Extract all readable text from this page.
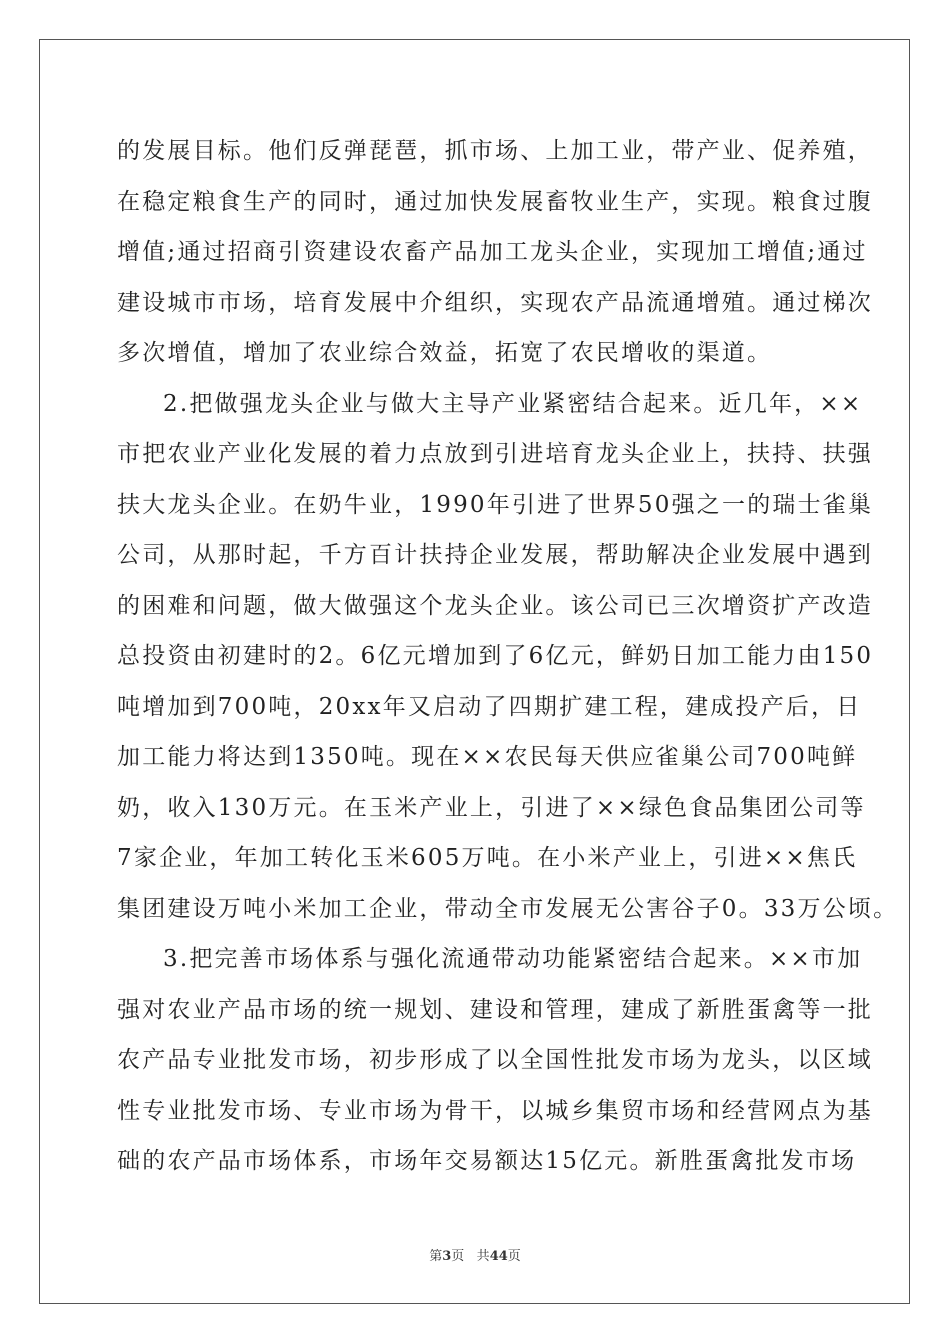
的发展目标。他们反弹琵琶，抓市场、上加工业，带产业、促养殖，
在稳定粮食生产的同时，通过加快发展畜牧业生产，实现。粮食过腹
增值;通过招商引资建设农畜产品加工龙头企业，实现加工增值;通过
建设城市市场，培育发展中介组织，实现农产品流通增殖。通过梯次
多次增值，增加了农业综合效益，拓宽了农民增收的渠道。
2.把做强龙头企业与做大主导产业紧密结合起来。近几年，××
市把农业产业化发展的着力点放到引进培育龙头企业上，扶持、扶强
扶大龙头企业。在奶牛业，1990年引进了世界50强之一的瑞士雀巢
公司，从那时起，千方百计扶持企业发展，帮助解决企业发展中遇到
的困难和问题，做大做强这个龙头企业。该公司已三次增资扩产改造
总投资由初建时的2。6亿元增加到了6亿元，鲜奶日加工能力由150
吨增加到700吨，20xx年又启动了四期扩建工程，建成投产后，日
加工能力将达到1350吨。现在××农民每天供应雀巢公司700吨鲜
奶，收入130万元。在玉米产业上，引进了××绿色食品集团公司等
7家企业，年加工转化玉米605万吨。在小米产业上，引进××焦氏
集团建设万吨小米加工企业，带动全市发展无公害谷子0。33万公顷。
3.把完善市场体系与强化流通带动功能紧密结合起来。××市加
强对农业产品市场的统一规划、建设和管理，建成了新胜蛋禽等一批
农产品专业批发市场，初步形成了以全国性批发市场为龙头，以区域
性专业批发市场、专业市场为骨干，以城乡集贸市场和经营网点为基
础的农产品市场体系，市场年交易额达15亿元。新胜蛋禽批发市场
第3页 共44页
